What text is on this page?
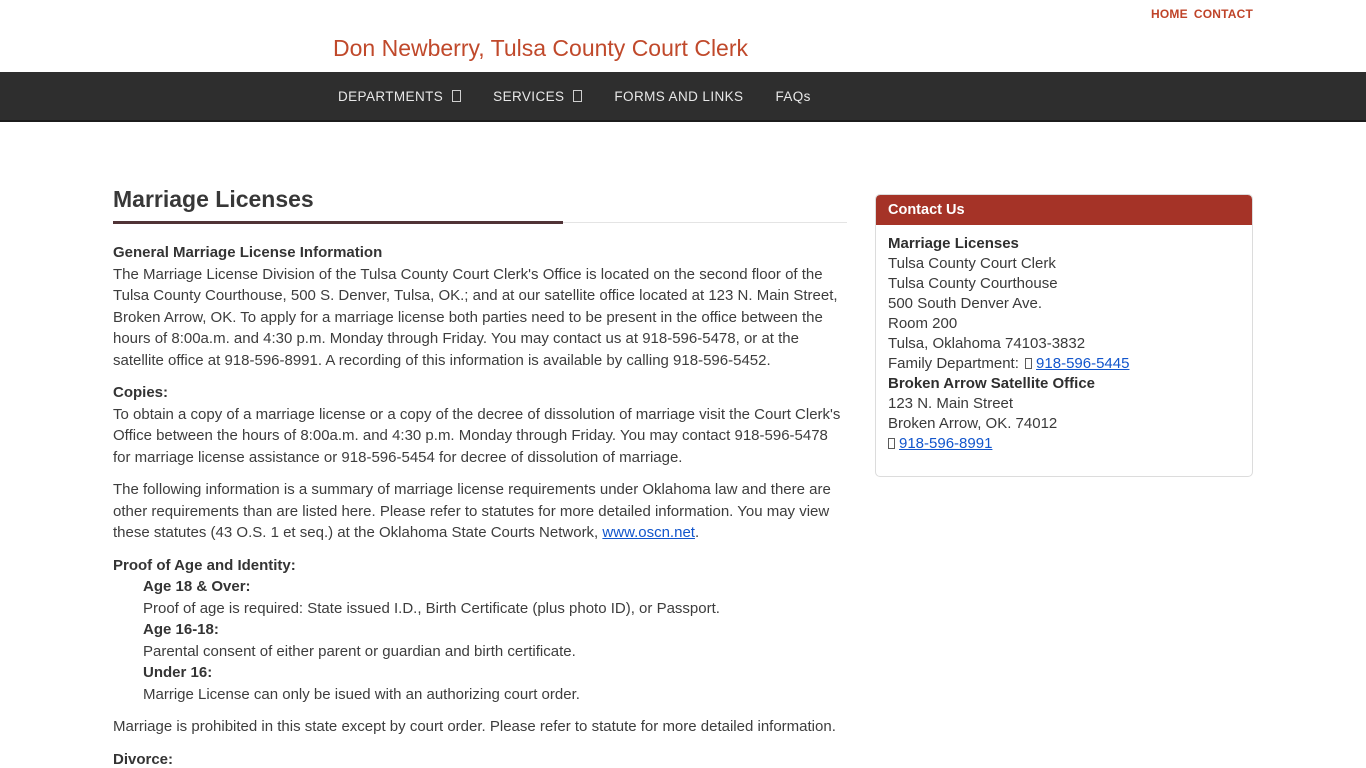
HOME CONTACT
Don Newberry, Tulsa County Court Clerk
DEPARTMENTS	SERVICES	FORMS AND LINKS FAQs
Marriage Licenses

General Marriage License Information
The Marriage License Division of the Tulsa County Court Clerk's Office is located on the second floor of the Tulsa County Courthouse, 500 S. Denver, Tulsa, OK.; and at our satellite office located at 123 N. Main Street, Broken Arrow, OK. To apply for a marriage license both parties need to be present in the office between the hours of 8:00a.m. and 4:30 p.m. Monday through Friday. You may contact us at 918-596-5478, or at the satellite office at 918-596-8991. A recording of this information is available by calling 918-596-5452.

Copies:
To obtain a copy of a marriage license or a copy of the decree of dissolution of marriage visit the Court Clerk's Office between the hours of 8:00a.m. and 4:30 p.m. Monday through Friday. You may contact 918-596-5478 for marriage license assistance or 918-596-5454 for decree of dissolution of marriage.

The following information is a summary of marriage license requirements under Oklahoma law and there are other requirements than are listed here. Please refer to statutes for more detailed information. You may view these statutes (43 O.S. 1 et seq.) at the Oklahoma State Courts Network, www.oscn.net.

Proof of Age and Identity:
Age 18 & Over:
Proof of age is required: State issued I.D., Birth Certificate (plus photo ID), or Passport.
Age 16-18:
Parental consent of either parent or guardian and birth certificate.
Under 16:
Marrige License can only be isued with an authorizing court order.

Marriage is prohibited in this state except by court order. Please refer to statute for more detailed information.

Divorce:

Contact Us
Marriage Licenses
Tulsa County Court Clerk
Tulsa County Courthouse
500 South Denver Ave.
Room 200
Tulsa, Oklahoma 74103-3832
Family Department: 918-596-5445
Broken Arrow Satellite Office
123 N. Main Street
Broken Arrow, OK. 74012
918-596-8991
